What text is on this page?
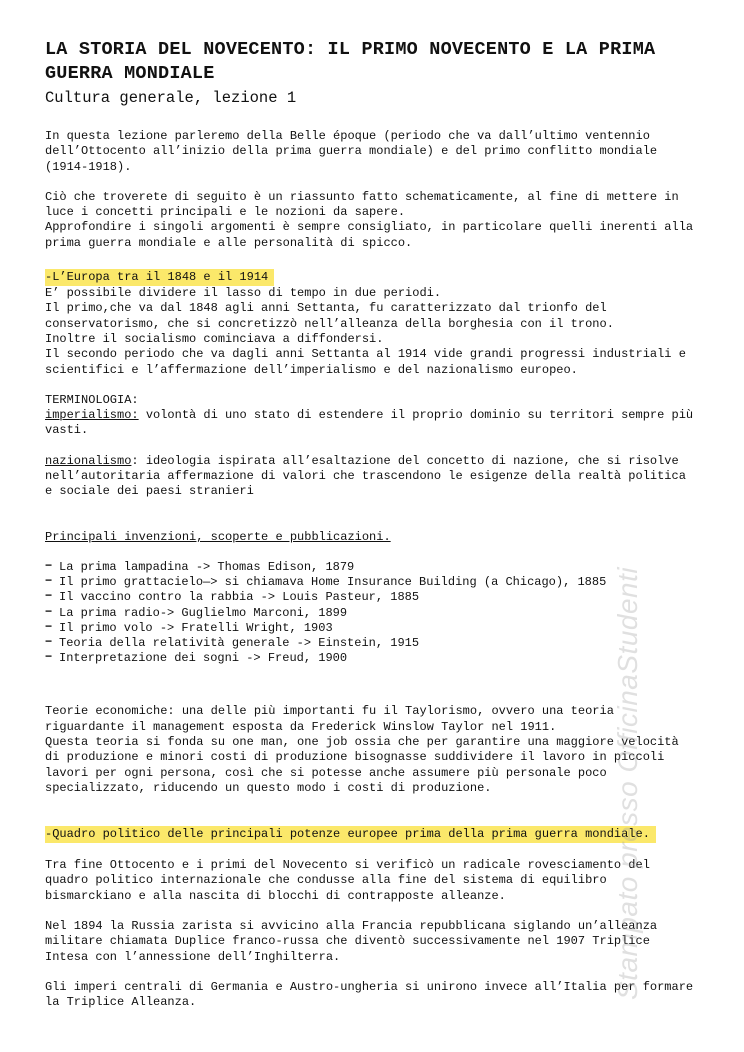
LA STORIA DEL NOVECENTO: IL PRIMO NOVECENTO E LA PRIMA GUERRA MONDIALE
Cultura generale, lezione 1

In questa lezione parleremo della Belle époque (periodo che va dall’ultimo ventennio
dell’Ottocento all’inizio della prima guerra mondiale) e del primo conflitto mondiale
(1914-1918).

Ciò che troverete di seguito è un riassunto fatto schematicamente, al fine di mettere in
luce i concetti principali e le nozioni da sapere.
Approfondire i singoli argomenti è sempre consigliato, in particolare quelli inerenti alla
prima guerra mondiale e alle personalità di spicco.

-L’Europa tra il 1848 e il 1914

E’ possibile dividere il lasso di tempo in due periodi.
Il primo,che va dal 1848 agli anni Settanta, fu caratterizzato dal trionfo del
conservatorismo, che si concretizzò nell’alleanza della borghesia con il trono.
Inoltre il socialismo cominciava a diffondersi.
Il secondo periodo che va dagli anni Settanta al 1914 vide grandi progressi industriali e
scientifici e l’affermazione dell’imperialismo e del nazionalismo europeo.

TERMINOLOGIA:

imperialismo: volontà di uno stato di estendere il proprio dominio su territori sempre più
vasti.

nazionalismo: ideologia ispirata all’esaltazione del concetto di nazione, che si risolve
nell’autoritaria affermazione di valori che trascendono le esigenze della realtà politica
e sociale dei paesi stranieri

Principali invenzioni, scoperte e pubblicazioni.

− La prima lampadina -> Thomas Edison, 1879
− Il primo grattacielo—> si chiamava Home Insurance Building (a Chicago), 1885
− Il vaccino contro la rabbia -> Louis Pasteur, 1885
− La prima radio-> Guglielmo Marconi, 1899
− Il primo volo -> Fratelli Wright, 1903
− Teoria della relatività generale -> Einstein, 1915
− Interpretazione dei sogni -> Freud, 1900

Teorie economiche: una delle più importanti fu il Taylorismo, ovvero una teoria
riguardante il management esposta da Frederick Winslow Taylor nel 1911.
Questa teoria si fonda su one man, one job ossia che per garantire una maggiore velocità
di produzione e minori costi di produzione bisognasse suddividere il lavoro in piccoli
lavori per ogni persona, così che si potesse anche assumere più personale poco
specializzato, riducendo un questo modo i costi di produzione.

-Quadro politico delle principali potenze europee prima della prima guerra mondiale.

Tra fine Ottocento e i primi del Novecento si verificò un radicale rovesciamento del
quadro politico internazionale che condusse alla fine del sistema di equilibro
bismarckiano e alla nascita di blocchi di contrapposte alleanze.

Nel 1894 la Russia zarista si avvicino alla Francia repubblicana siglando un’alleanza
militare chiamata Duplice franco-russa che diventò successivamente nel 1907 Triplice
Intesa con l’annessione dell’Inghilterra.

Gli imperi centrali di Germania e Austro-ungheria si unirono invece all’Italia per formare
la Triplice Alleanza.

Stampato presso OfficinaStudenti
